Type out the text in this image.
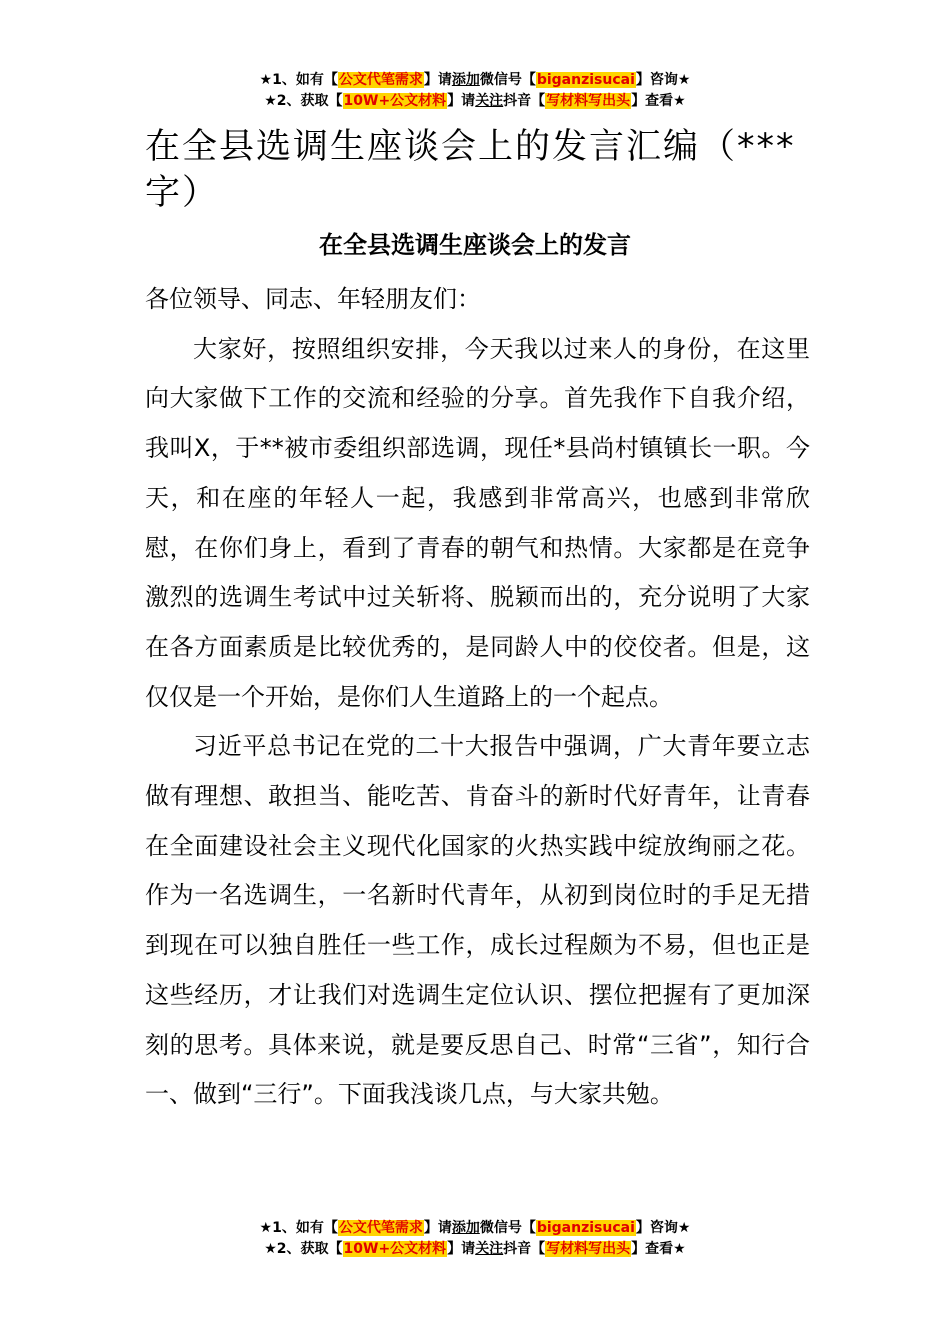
★1、如有【公文代笔需求】请添加微信号【biganzisucai】咨询★
★2、获取【10W+公文材料】请关注抖音【写材料写出头】查看★
在全县选调生座谈会上的发言汇编（***字）
在全县选调生座谈会上的发言

各位领导、同志、年轻朋友们：

大家好，按照组织安排，今天我以过来人的身份，在这里向大家做下工作的交流和经验的分享。首先我作下自我介绍，我叫X，于**被市委组织部选调，现任*县尚村镇镇长一职。今天，和在座的年轻人一起，我感到非常高兴，也感到非常欣慰，在你们身上，看到了青春的朝气和热情。大家都是在竞争激烈的选调生考试中过关斩将、脱颖而出的，充分说明了大家在各方面素质是比较优秀的，是同龄人中的佼佼者。但是，这仅仅是一个开始，是你们人生道路上的一个起点。

习近平总书记在党的二十大报告中强调，广大青年要立志做有理想、敢担当、能吃苦、肯奋斗的新时代好青年，让青春在全面建设社会主义现代化国家的火热实践中绽放绚丽之花。作为一名选调生，一名新时代青年，从初到岗位时的手足无措到现在可以独自胜任一些工作，成长过程颇为不易，但也正是这些经历，才让我们对选调生定位认识、摆位把握有了更加深刻的思考。具体来说，就是要反思自己、时常“三省”，知行合一、做到“三行”。下面我浅谈几点，与大家共勉。

★1、如有【公文代笔需求】请添加微信号【biganzisucai】咨询★
★2、获取【10W+公文材料】请关注抖音【写材料写出头】查看★
